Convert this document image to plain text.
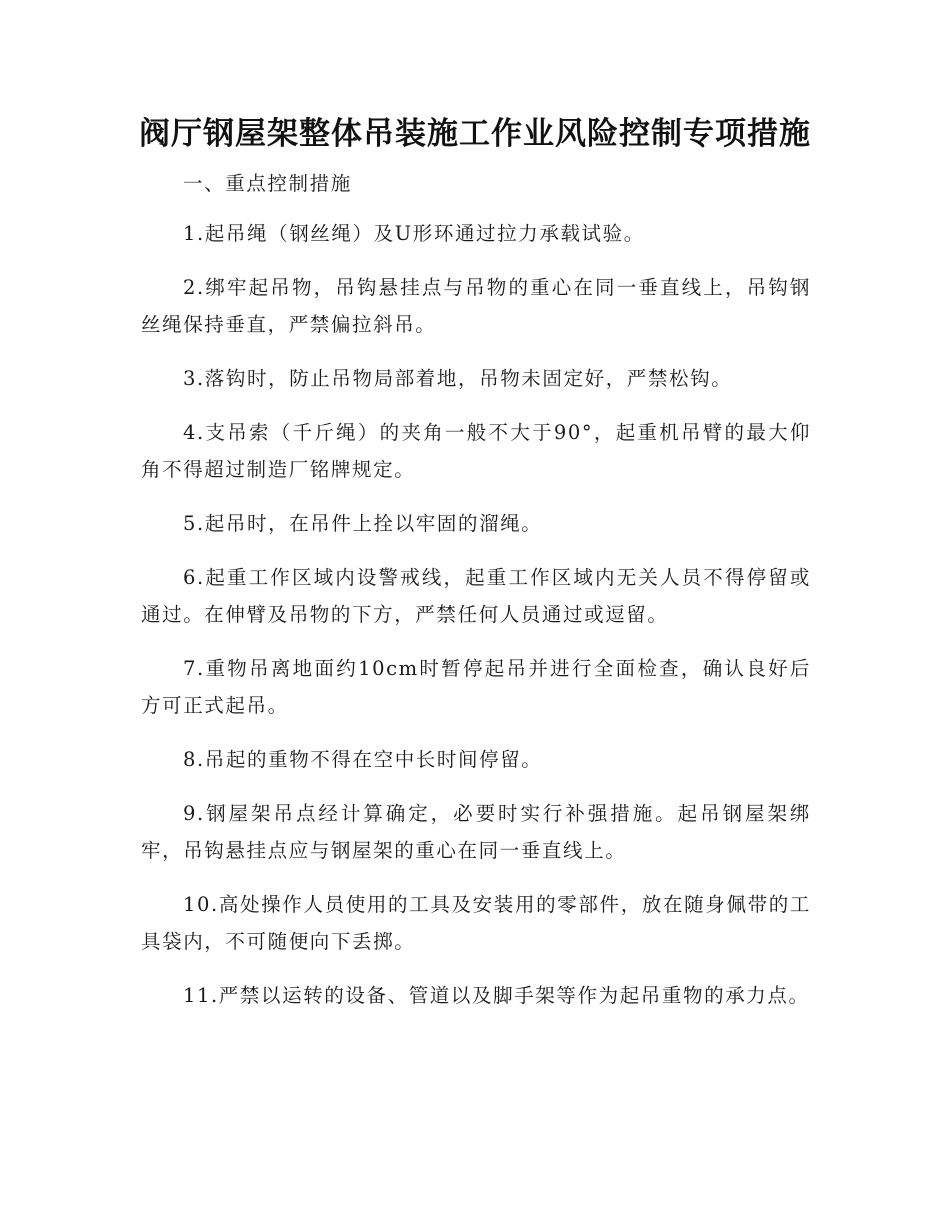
阀厅钢屋架整体吊装施工作业风险控制专项措施

一、重点控制措施

1.起吊绳（钢丝绳）及U形环通过拉力承载试验。

2.绑牢起吊物，吊钩悬挂点与吊物的重心在同一垂直线上，吊钩钢丝绳保持垂直，严禁偏拉斜吊。

3.落钩时，防止吊物局部着地，吊物未固定好，严禁松钩。

4.支吊索（千斤绳）的夹角一般不大于90°，起重机吊臂的最大仰角不得超过制造厂铭牌规定。

5.起吊时，在吊件上拴以牢固的溜绳。

6.起重工作区域内设警戒线，起重工作区域内无关人员不得停留或通过。在伸臂及吊物的下方，严禁任何人员通过或逗留。

7.重物吊离地面约10cm时暂停起吊并进行全面检查，确认良好后方可正式起吊。

8.吊起的重物不得在空中长时间停留。

9.钢屋架吊点经计算确定，必要时实行补强措施。起吊钢屋架绑牢，吊钩悬挂点应与钢屋架的重心在同一垂直线上。

10.高处操作人员使用的工具及安装用的零部件，放在随身佩带的工具袋内，不可随便向下丢掷。

11.严禁以运转的设备、管道以及脚手架等作为起吊重物的承力点。
